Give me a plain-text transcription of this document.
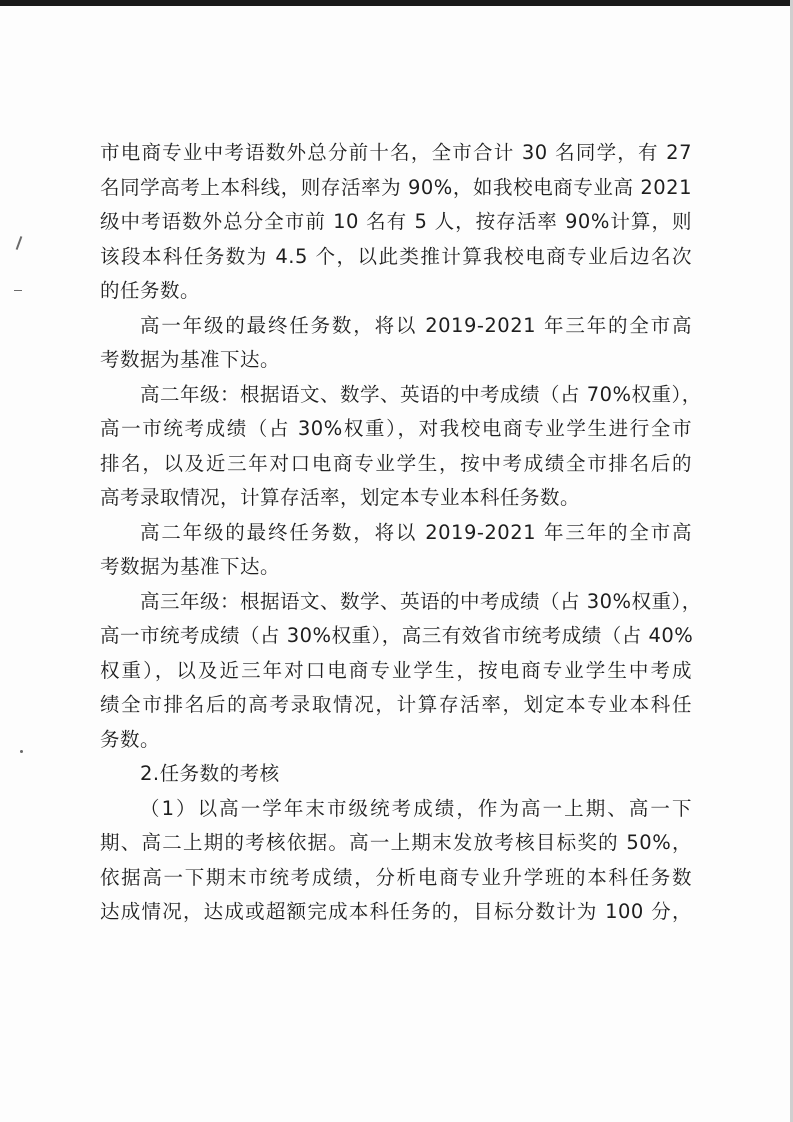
市电商专业中考语数外总分前十名，全市合计 30 名同学，有 27
名同学高考上本科线，则存活率为 90%，如我校电商专业高 2021
级中考语数外总分全市前 10 名有 5 人，按存活率 90%计算，则
该段本科任务数为 4.5 个，以此类推计算我校电商专业后边名次
的任务数。
高一年级的最终任务数，将以 2019-2021 年三年的全市高
考数据为基准下达。
高二年级：根据语文、数学、英语的中考成绩（占 70%权重），
高一市统考成绩（占 30%权重），对我校电商专业学生进行全市
排名，以及近三年对口电商专业学生，按中考成绩全市排名后的
高考录取情况，计算存活率，划定本专业本科任务数。
高二年级的最终任务数，将以 2019-2021 年三年的全市高
考数据为基准下达。
高三年级：根据语文、数学、英语的中考成绩（占 30%权重），
高一市统考成绩（占 30%权重），高三有效省市统考成绩（占 40%
权重），以及近三年对口电商专业学生，按电商专业学生中考成
绩全市排名后的高考录取情况，计算存活率，划定本专业本科任
务数。
2.任务数的考核
（1）以高一学年末市级统考成绩，作为高一上期、高一下
期、高二上期的考核依据。高一上期末发放考核目标奖的 50%，
依据高一下期末市统考成绩，分析电商专业升学班的本科任务数
达成情况，达成或超额完成本科任务的，目标分数计为 100 分，
